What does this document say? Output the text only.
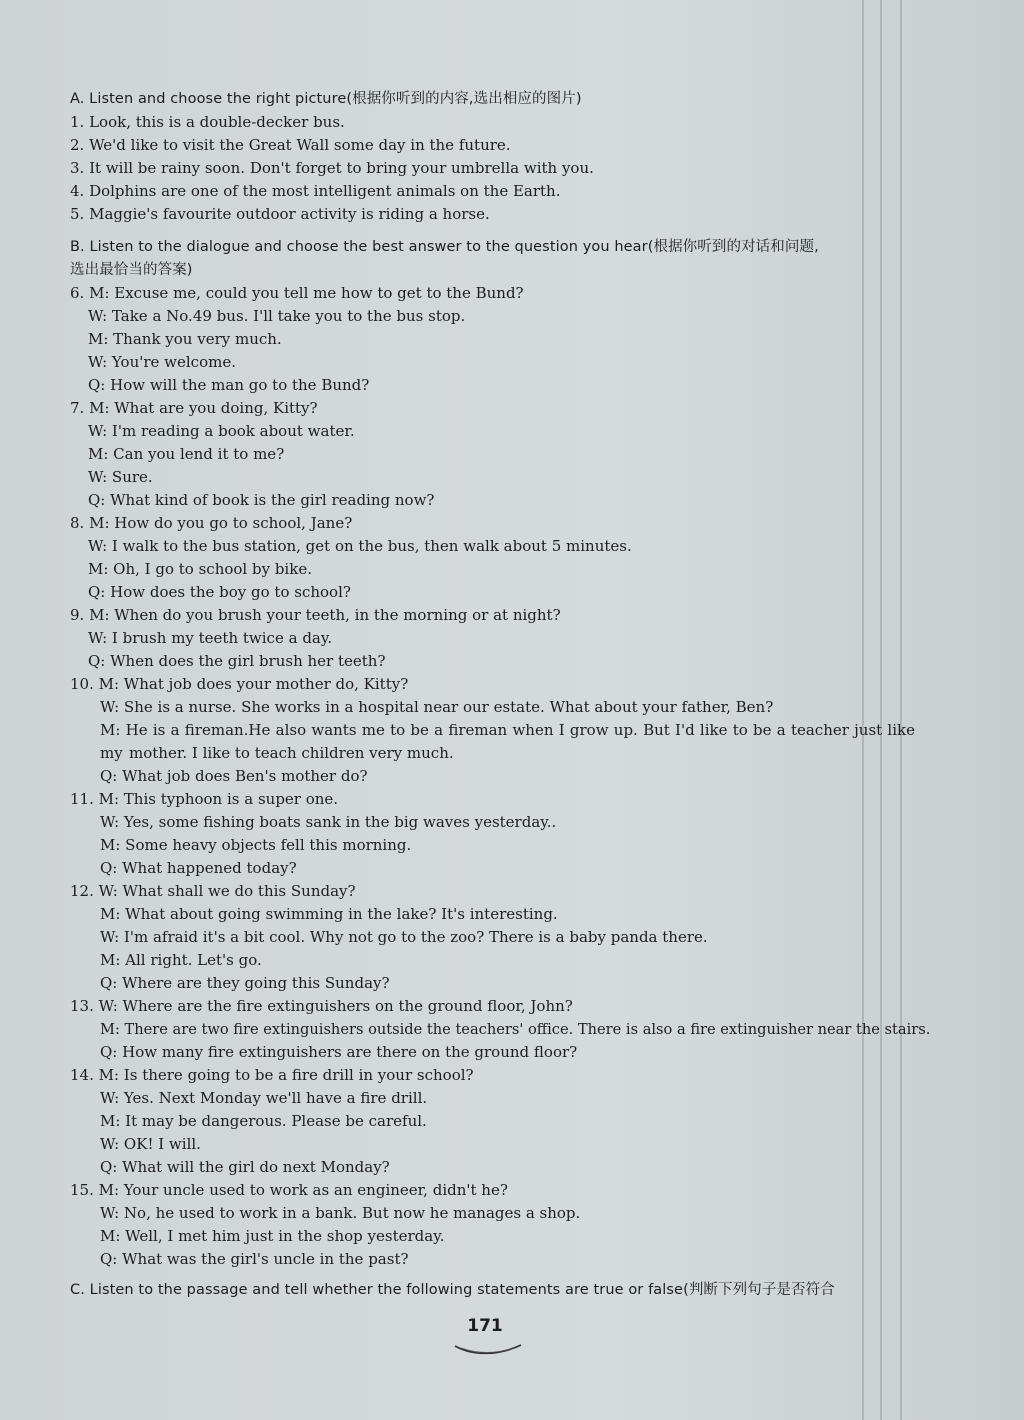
A. Listen and choose the right picture(根据你听到的内容,选出相应的图片)
1. Look, this is a double-decker bus.
2. We'd like to visit the Great Wall some day in the future.
3. It will be rainy soon. Don't forget to bring your umbrella with you.
4. Dolphins are one of the most intelligent animals on the Earth.
5. Maggie's favourite outdoor activity is riding a horse.
B. Listen to the dialogue and choose the best answer to the question you hear(根据你听到的对话和问题,
选出最恰当的答案)
6. M: Excuse me, could you tell me how to get to the Bund?
W: Take a No.49 bus. I'll take you to the bus stop.
M: Thank you very much.
W: You're welcome.
Q: How will the man go to the Bund?
7. M: What are you doing, Kitty?
W: I'm reading a book about water.
M: Can you lend it to me?
W: Sure.
Q: What kind of book is the girl reading now?
8. M: How do you go to school, Jane?
W: I walk to the bus station, get on the bus, then walk about 5 minutes.
M: Oh, I go to school by bike.
Q: How does the boy go to school?
9. M: When do you brush your teeth, in the morning or at night?
W: I brush my teeth twice a day.
Q: When does the girl brush her teeth?
10. M: What job does your mother do, Kitty?
W: She is a nurse. She works in a hospital near our estate. What about your father, Ben?
M: He is a fireman.He also wants me to be a fireman when I grow up. But I'd like to be a teacher just like my mother. I like to teach children very much.
Q: What job does Ben's mother do?
11. M: This typhoon is a super one.
W: Yes, some fishing boats sank in the big waves yesterday..
M: Some heavy objects fell this morning.
Q: What happened today?
12. W: What shall we do this Sunday?
M: What about going swimming in the lake? It's interesting.
W: I'm afraid it's a bit cool. Why not go to the zoo? There is a baby panda there.
M: All right. Let's go.
Q: Where are they going this Sunday?
13. W: Where are the fire extinguishers on the ground floor, John?
M: There are two fire extinguishers outside the teachers' office. There is also a fire extinguisher near the stairs.
Q: How many fire extinguishers are there on the ground floor?
14. M: Is there going to be a fire drill in your school?
W: Yes. Next Monday we'll have a fire drill.
M: It may be dangerous. Please be careful.
W: OK! I will.
Q: What will the girl do next Monday?
15. M: Your uncle used to work as an engineer, didn't he?
W: No, he used to work in a bank. But now he manages a shop.
M: Well, I met him just in the shop yesterday.
Q: What was the girl's uncle in the past?
C. Listen to the passage and tell whether the following statements are true or false(判断下列句子是否符合
171
